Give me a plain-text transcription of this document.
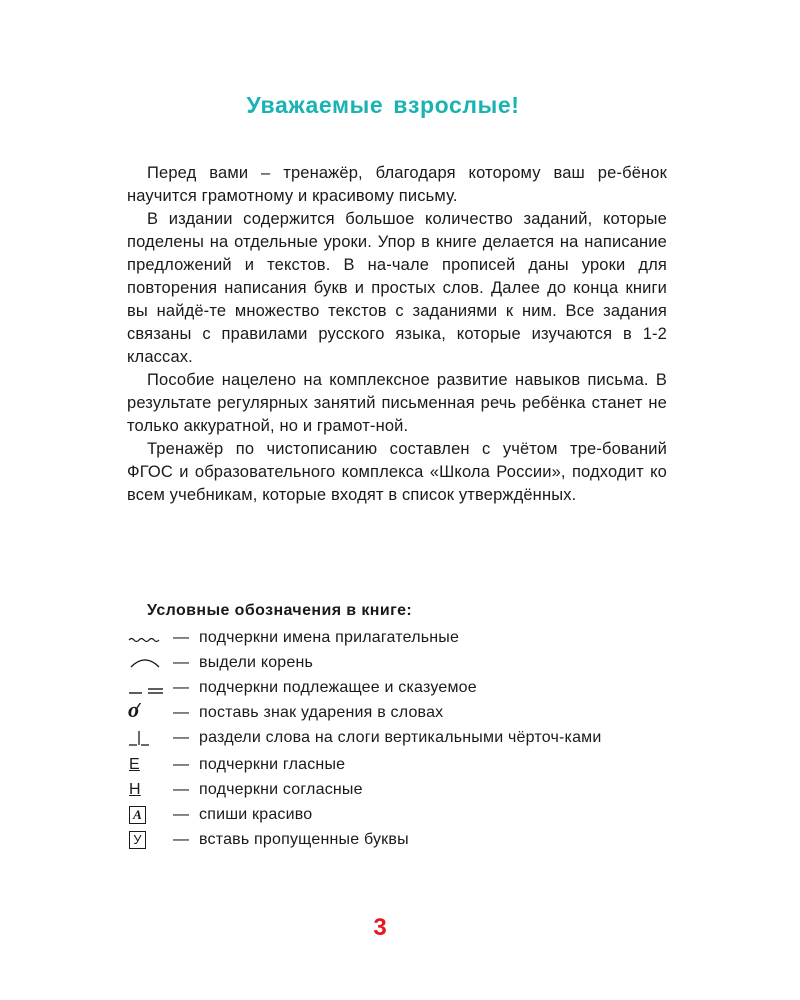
Уважаемые взрослые!

Перед вами – тренажёр, благодаря которому ваш ре-бёнок научится грамотному и красивому письму.

В издании содержится большое количество заданий, которые поделены на отдельные уроки. Упор в книге делается на написание предложений и текстов. В на-чале прописей даны уроки для повторения написания букв и простых слов. Далее до конца книги вы найдё-те множество текстов с заданиями к ним. Все задания связаны с правилами русского языка, которые изучаются в 1-2 классах.

Пособие нацелено на комплексное развитие навыков письма. В результате регулярных занятий письменная речь ребёнка станет не только аккуратной, но и грамот-ной.

Тренажёр по чистописанию составлен с учётом тре-бований ФГОС и образовательного комплекса «Школа России», подходит ко всем учебникам, которые входят в список утверждённых.

Условные обозначения в книге:
— подчеркни имена прилагательные
— выдели корень
— подчеркни подлежащее и сказуемое
о — поставь знак ударения в словах
— раздели слова на слоги вертикальными чёрточ-ками
Е — подчеркни гласные
Н — подчеркни согласные
А — спиши красиво
У — вставь пропущенные буквы
3
